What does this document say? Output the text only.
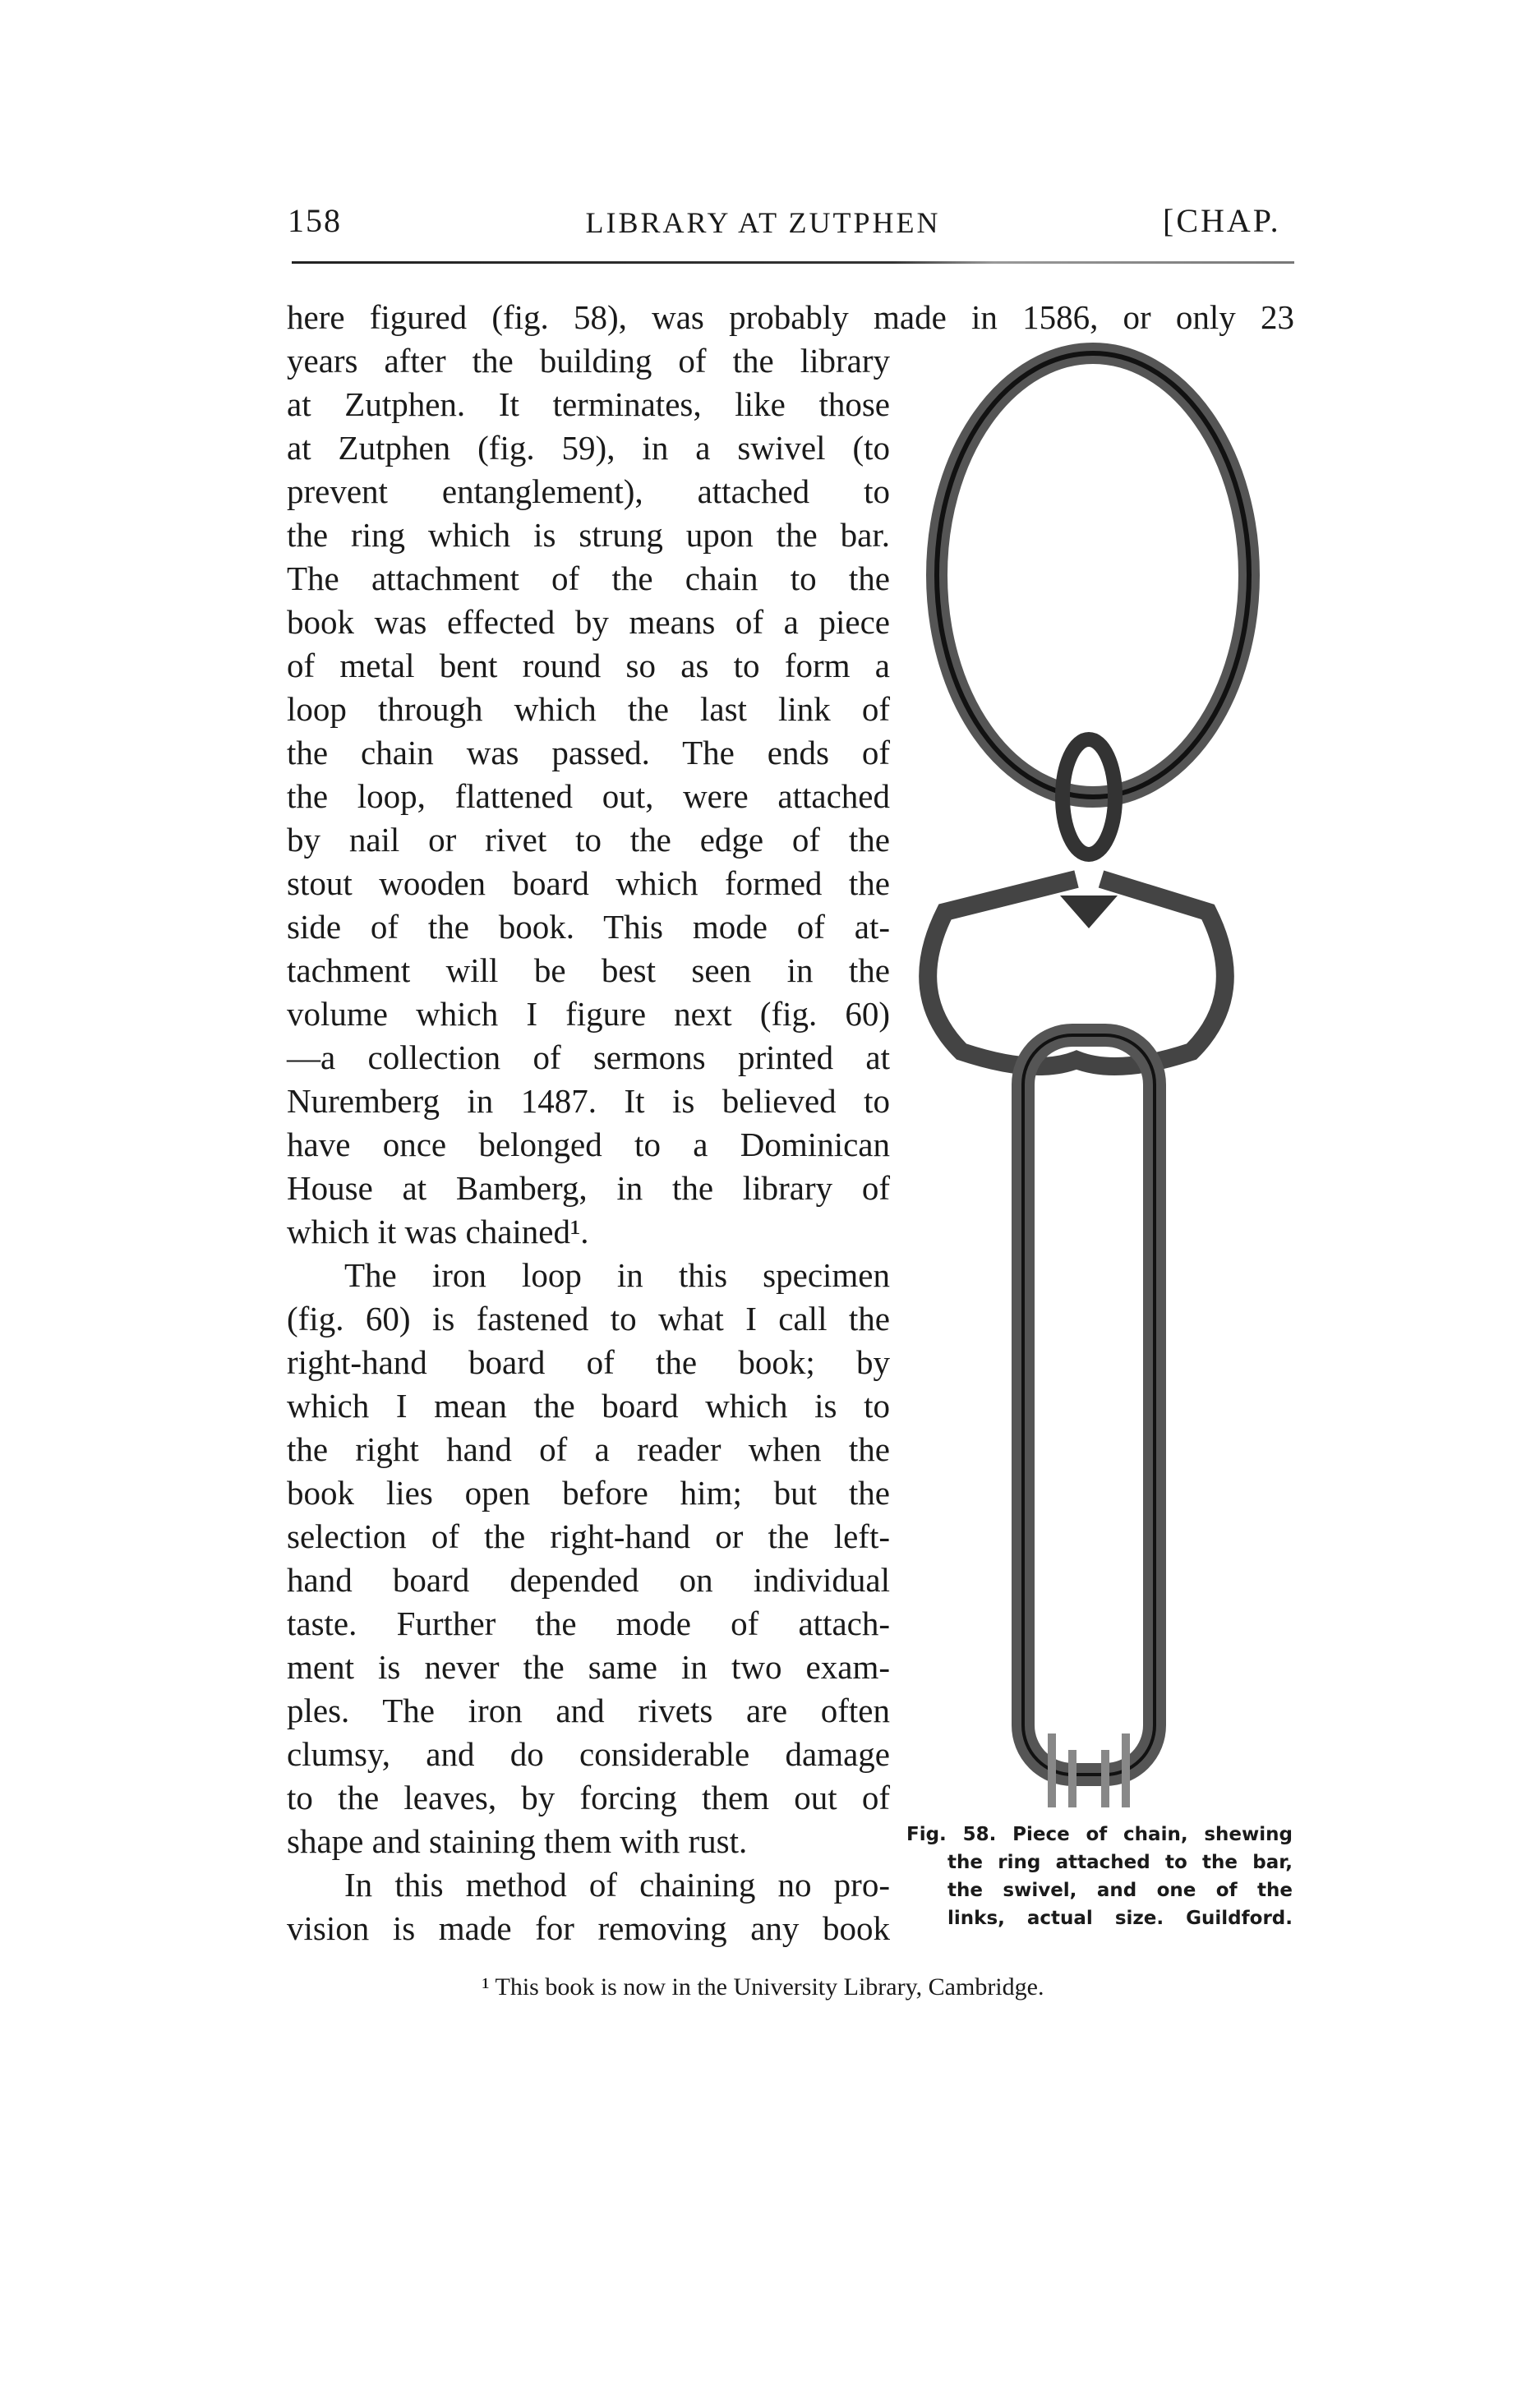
158	LIBRARY AT ZUTPHEN	[CHAP.
here figured (fig. 58), was probably made in 1586, or only 23
years after the building of the library
at Zutphen. It terminates, like those
at Zutphen (fig. 59), in a swivel (to
prevent entanglement), attached to
the ring which is strung upon the bar.
The attachment of the chain to the
book was effected by means of a piece
of metal bent round so as to form a
loop through which the last link of
the chain was passed. The ends of
the loop, flattened out, were attached
by nail or rivet to the edge of the
stout wooden board which formed the
side of the book. This mode of at-
tachment will be best seen in the
volume which I figure next (fig. 60)
—a collection of sermons printed at
Nuremberg in 1487. It is believed to
have once belonged to a Dominican
House at Bamberg, in the library of
which it was chained¹.
The iron loop in this specimen
(fig. 60) is fastened to what I call the
right-hand board of the book; by
which I mean the board which is to
the right hand of a reader when the
book lies open before him; but the
selection of the right-hand or the left-
hand board depended on individual
taste. Further the mode of attach-
ment is never the same in two exam-
ples. The iron and rivets are often
clumsy, and do considerable damage
to the leaves, by forcing them out of
shape and staining them with rust.
In this method of chaining no pro-
vision is made for removing any book
Fig. 58. Piece of chain, shewing
the ring attached to the bar,
the swivel, and one of the
links, actual size. Guildford.
¹ This book is now in the University Library, Cambridge.
